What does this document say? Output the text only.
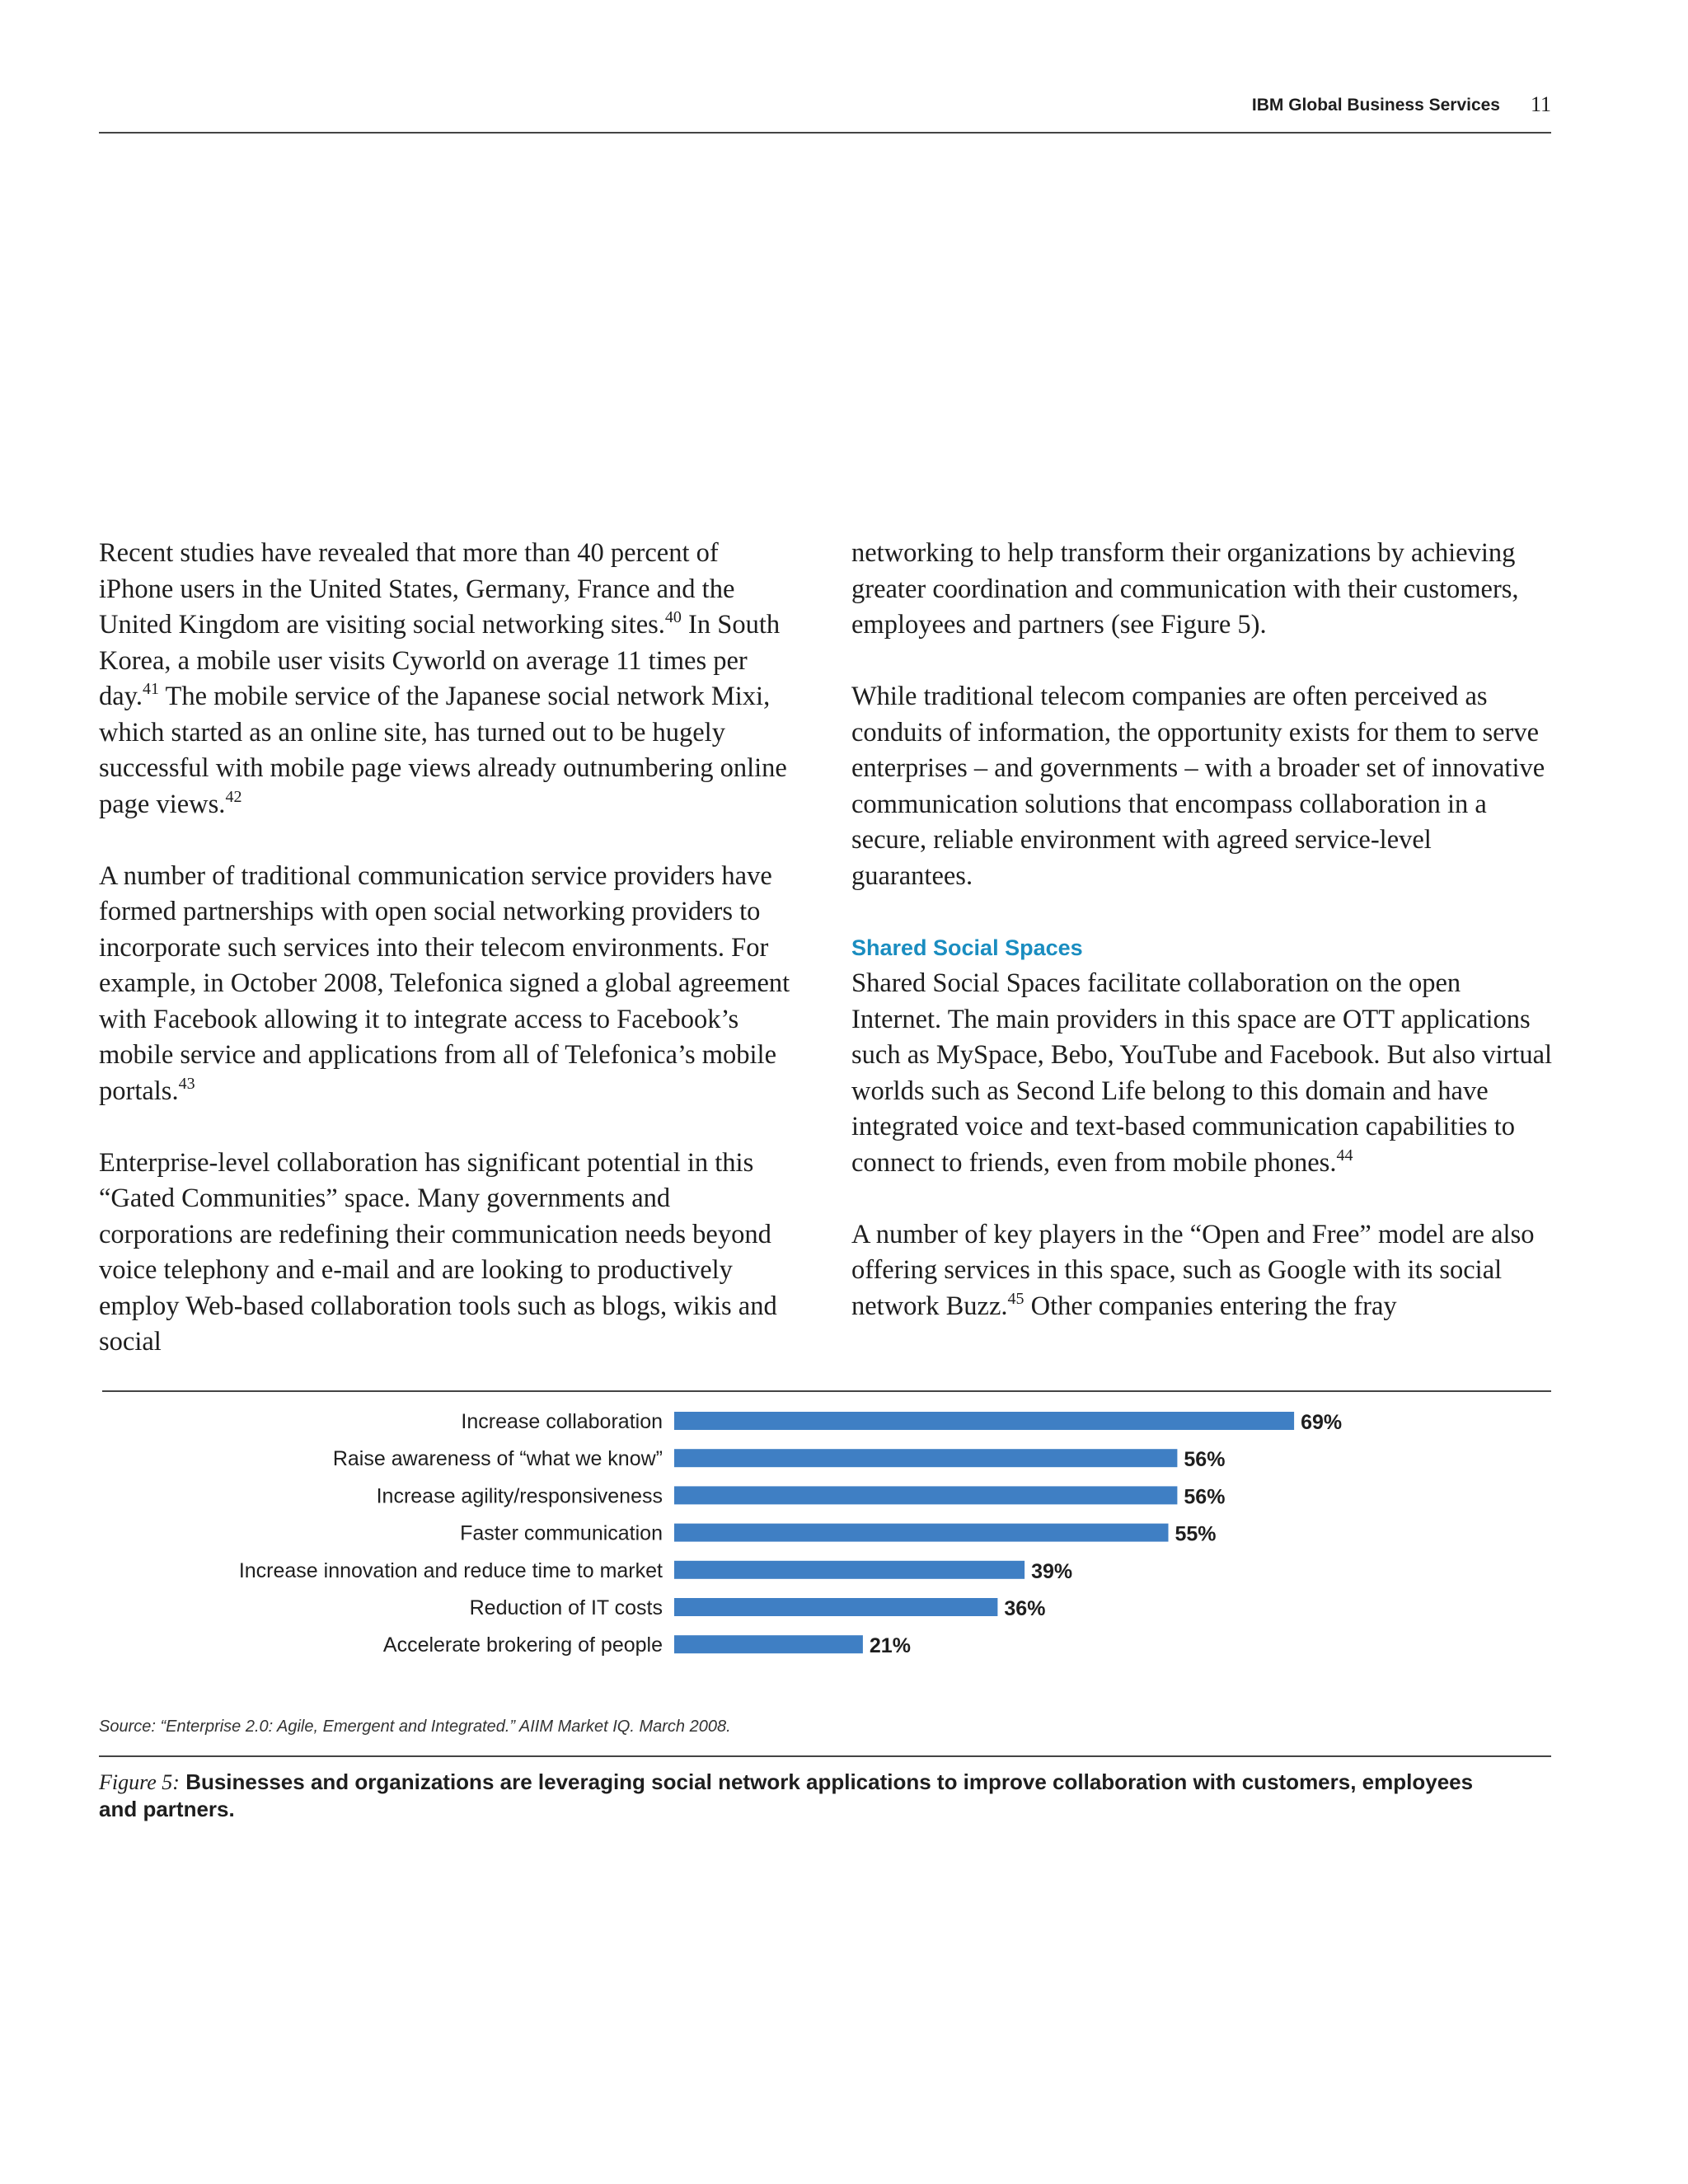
IBM Global Business Services 11

Recent studies have revealed that more than 40 percent of iPhone users in the United States, Germany, France and the United Kingdom are visiting social networking sites.$^{40}$ In South Korea, a mobile user visits Cyworld on average 11 times per day.$^{41}$ The mobile service of the Japanese social network Mixi, which started as an online site, has turned out to be hugely successful with mobile page views already outnumbering online page views.$^{42}$

A number of traditional communication service providers have formed partnerships with open social networking providers to incorporate such services into their telecom environments. For example, in October 2008, Telefonica signed a global agreement with Facebook allowing it to integrate access to Facebook’s mobile service and applications from all of Telefonica’s mobile portals.$^{43}$

Enterprise-level collaboration has significant potential in this “Gated Communities” space. Many governments and corporations are redefining their communication needs beyond voice telephony and e-mail and are looking to productively employ Web-based collaboration tools such as blogs, wikis and social

networking to help transform their organizations by achieving greater coordination and communication with their customers, employees and partners (see Figure 5).

While traditional telecom companies are often perceived as conduits of information, the opportunity exists for them to serve enterprises – and governments – with a broader set of innovative communication solutions that encompass collaboration in a secure, reliable environment with agreed service-level guarantees.

Shared Social Spaces

Shared Social Spaces facilitate collaboration on the open Internet. The main providers in this space are OTT applications such as MySpace, Bebo, YouTube and Facebook. But also virtual worlds such as Second Life belong to this domain and have integrated voice and text-based communication capabilities to connect to friends, even from mobile phones.$^{44}$

A number of key players in the “Open and Free” model are also offering services in this space, such as Google with its social network Buzz.$^{45}$ Other companies entering the fray

Increase collaboration	69%
Raise awareness of “what we know”	56%
Increase agility/responsiveness	56%
Faster communication	55%
Increase innovation and reduce time to market	39%
Reduction of IT costs	36%
Accelerate brokering of people	21%
Source: “Enterprise 2.0: Agile, Emergent and Integrated.” AIIM Market IQ. March 2008.
Figure 5: Businesses and organizations are leveraging social network applications to improve collaboration with customers, employees and partners.
